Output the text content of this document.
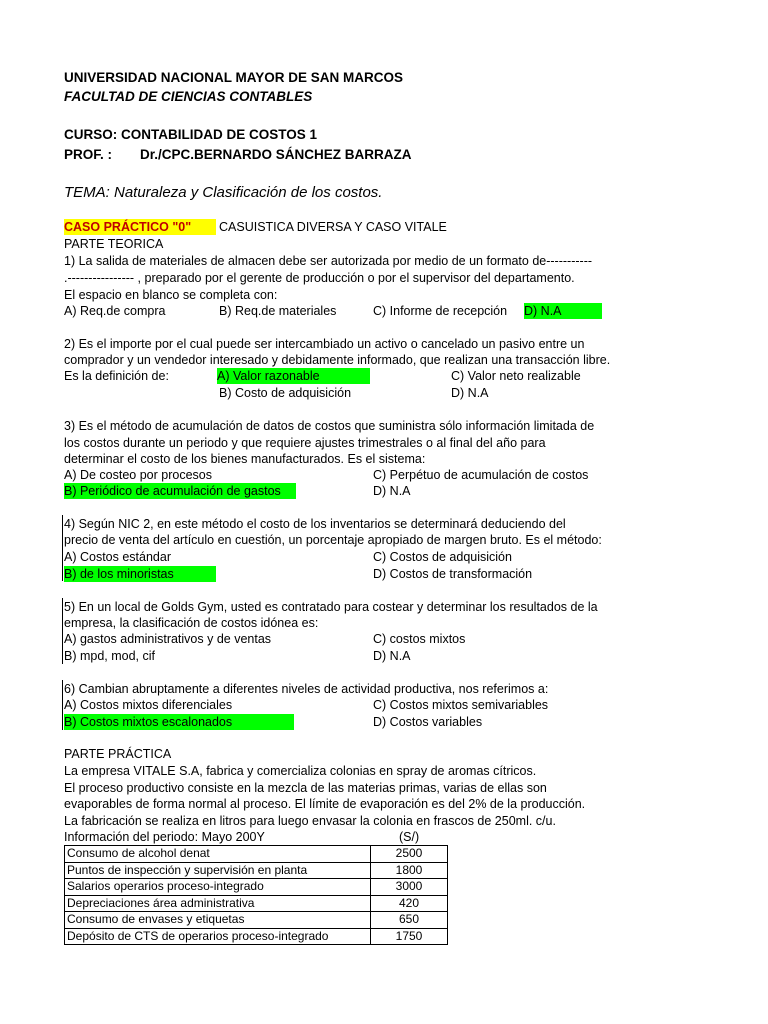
UNIVERSIDAD NACIONAL MAYOR DE SAN MARCOS
FACULTAD DE CIENCIAS CONTABLES
CURSO: CONTABILIDAD DE COSTOS 1
PROF. : Dr./CPC.BERNARDO SÁNCHEZ BARRAZA
TEMA: Naturaleza y Clasificación de los costos.
CASO PRÁCTICO "0"	CASUISTICA DIVERSA Y CASO VITALE
PARTE TEORICA
1) La salida de materiales de almacen debe ser autorizada por medio de un formato de-----------
.---------------- , preparado por el gerente de producción o por el supervisor del departamento.
El espacio en blanco se completa con:
A) Req.de compra	B) Req.de materiales	C) Informe de recepción D) N.A
2) Es el importe por el cual puede ser intercambiado un activo o cancelado un pasivo entre un
comprador y un vendedor interesado y debidamente informado, que realizan una transacción libre.
Es la definición de:	A) Valor razonable	C) Valor neto realizable
B) Costo de adquisición	D) N.A
3) Es el método de acumulación de datos de costos que suministra sólo información limitada de
los costos durante un periodo y que requiere ajustes trimestrales o al final del año para
determinar el costo de los bienes manufacturados. Es el sistema:
A) De costeo por procesos	C) Perpétuo de acumulación de costos
B) Periódico de acumulación de gastos	D) N.A
4) Según NIC 2, en este método el costo de los inventarios se determinará deduciendo del
precio de venta del artículo en cuestión, un porcentaje apropiado de margen bruto. Es el método:
A) Costos estándar	C) Costos de adquisición
B) de los minoristas	D) Costos de transformación
5) En un local de Golds Gym, usted es contratado para costear y determinar los resultados de la
empresa, la clasificación de costos idónea es:
A) gastos administrativos y de ventas	C) costos mixtos
B) mpd, mod, cif	D) N.A
6) Cambian abruptamente a diferentes niveles de actividad productiva, nos referimos a:
A) Costos mixtos diferenciales	C) Costos mixtos semivariables
B) Costos mixtos escalonados	D) Costos variables
PARTE PRÁCTICA
La empresa VITALE S.A, fabrica y comercializa colonias en spray de aromas cítricos.
El proceso productivo consiste en la mezcla de las materias primas, varias de ellas son
evaporables de forma normal al proceso. El límite de evaporación es del 2% de la producción.
La fabricación se realiza en litros para luego envasar la colonia en frascos de 250ml. c/u.
Información del periodo: Mayo 200Y	(S/)
Consumo de alcohol denat	2500
Puntos de inspección y supervisión en planta	1800
Salarios operarios proceso-integrado	3000
Depreciaciones área administrativa	420
Consumo de envases y etiquetas	650
Depósito de CTS de operarios proceso-integrado	1750
